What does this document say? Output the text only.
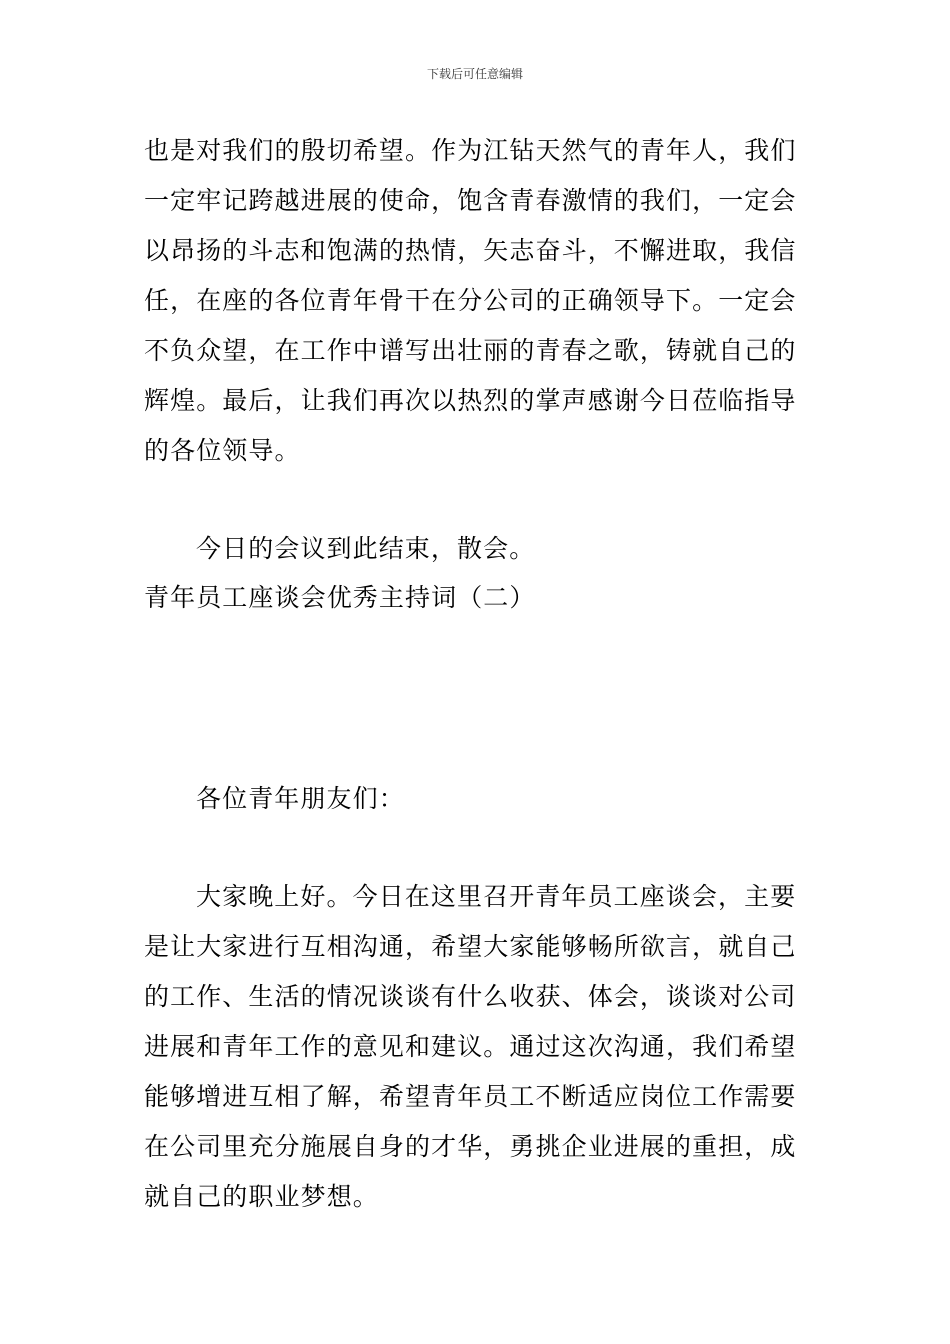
下载后可任意编辑
也是对我们的殷切希望。作为江钻天然气的青年人，我们
一定牢记跨越进展的使命，饱含青春激情的我们，一定会
以昂扬的斗志和饱满的热情，矢志奋斗，不懈进取，我信
任，在座的各位青年骨干在分公司的正确领导下。一定会
不负众望，在工作中谱写出壮丽的青春之歌，铸就自己的
辉煌。最后，让我们再次以热烈的掌声感谢今日莅临指导
的各位领导。
今日的会议到此结束，散会。
青年员工座谈会优秀主持词（二）
各位青年朋友们：
大家晚上好。今日在这里召开青年员工座谈会，主要
是让大家进行互相沟通，希望大家能够畅所欲言，就自己
的工作、生活的情况谈谈有什么收获、体会，谈谈对公司
进展和青年工作的意见和建议。通过这次沟通，我们希望
能够增进互相了解，希望青年员工不断适应岗位工作需要
在公司里充分施展自身的才华，勇挑企业进展的重担，成
就自己的职业梦想。
